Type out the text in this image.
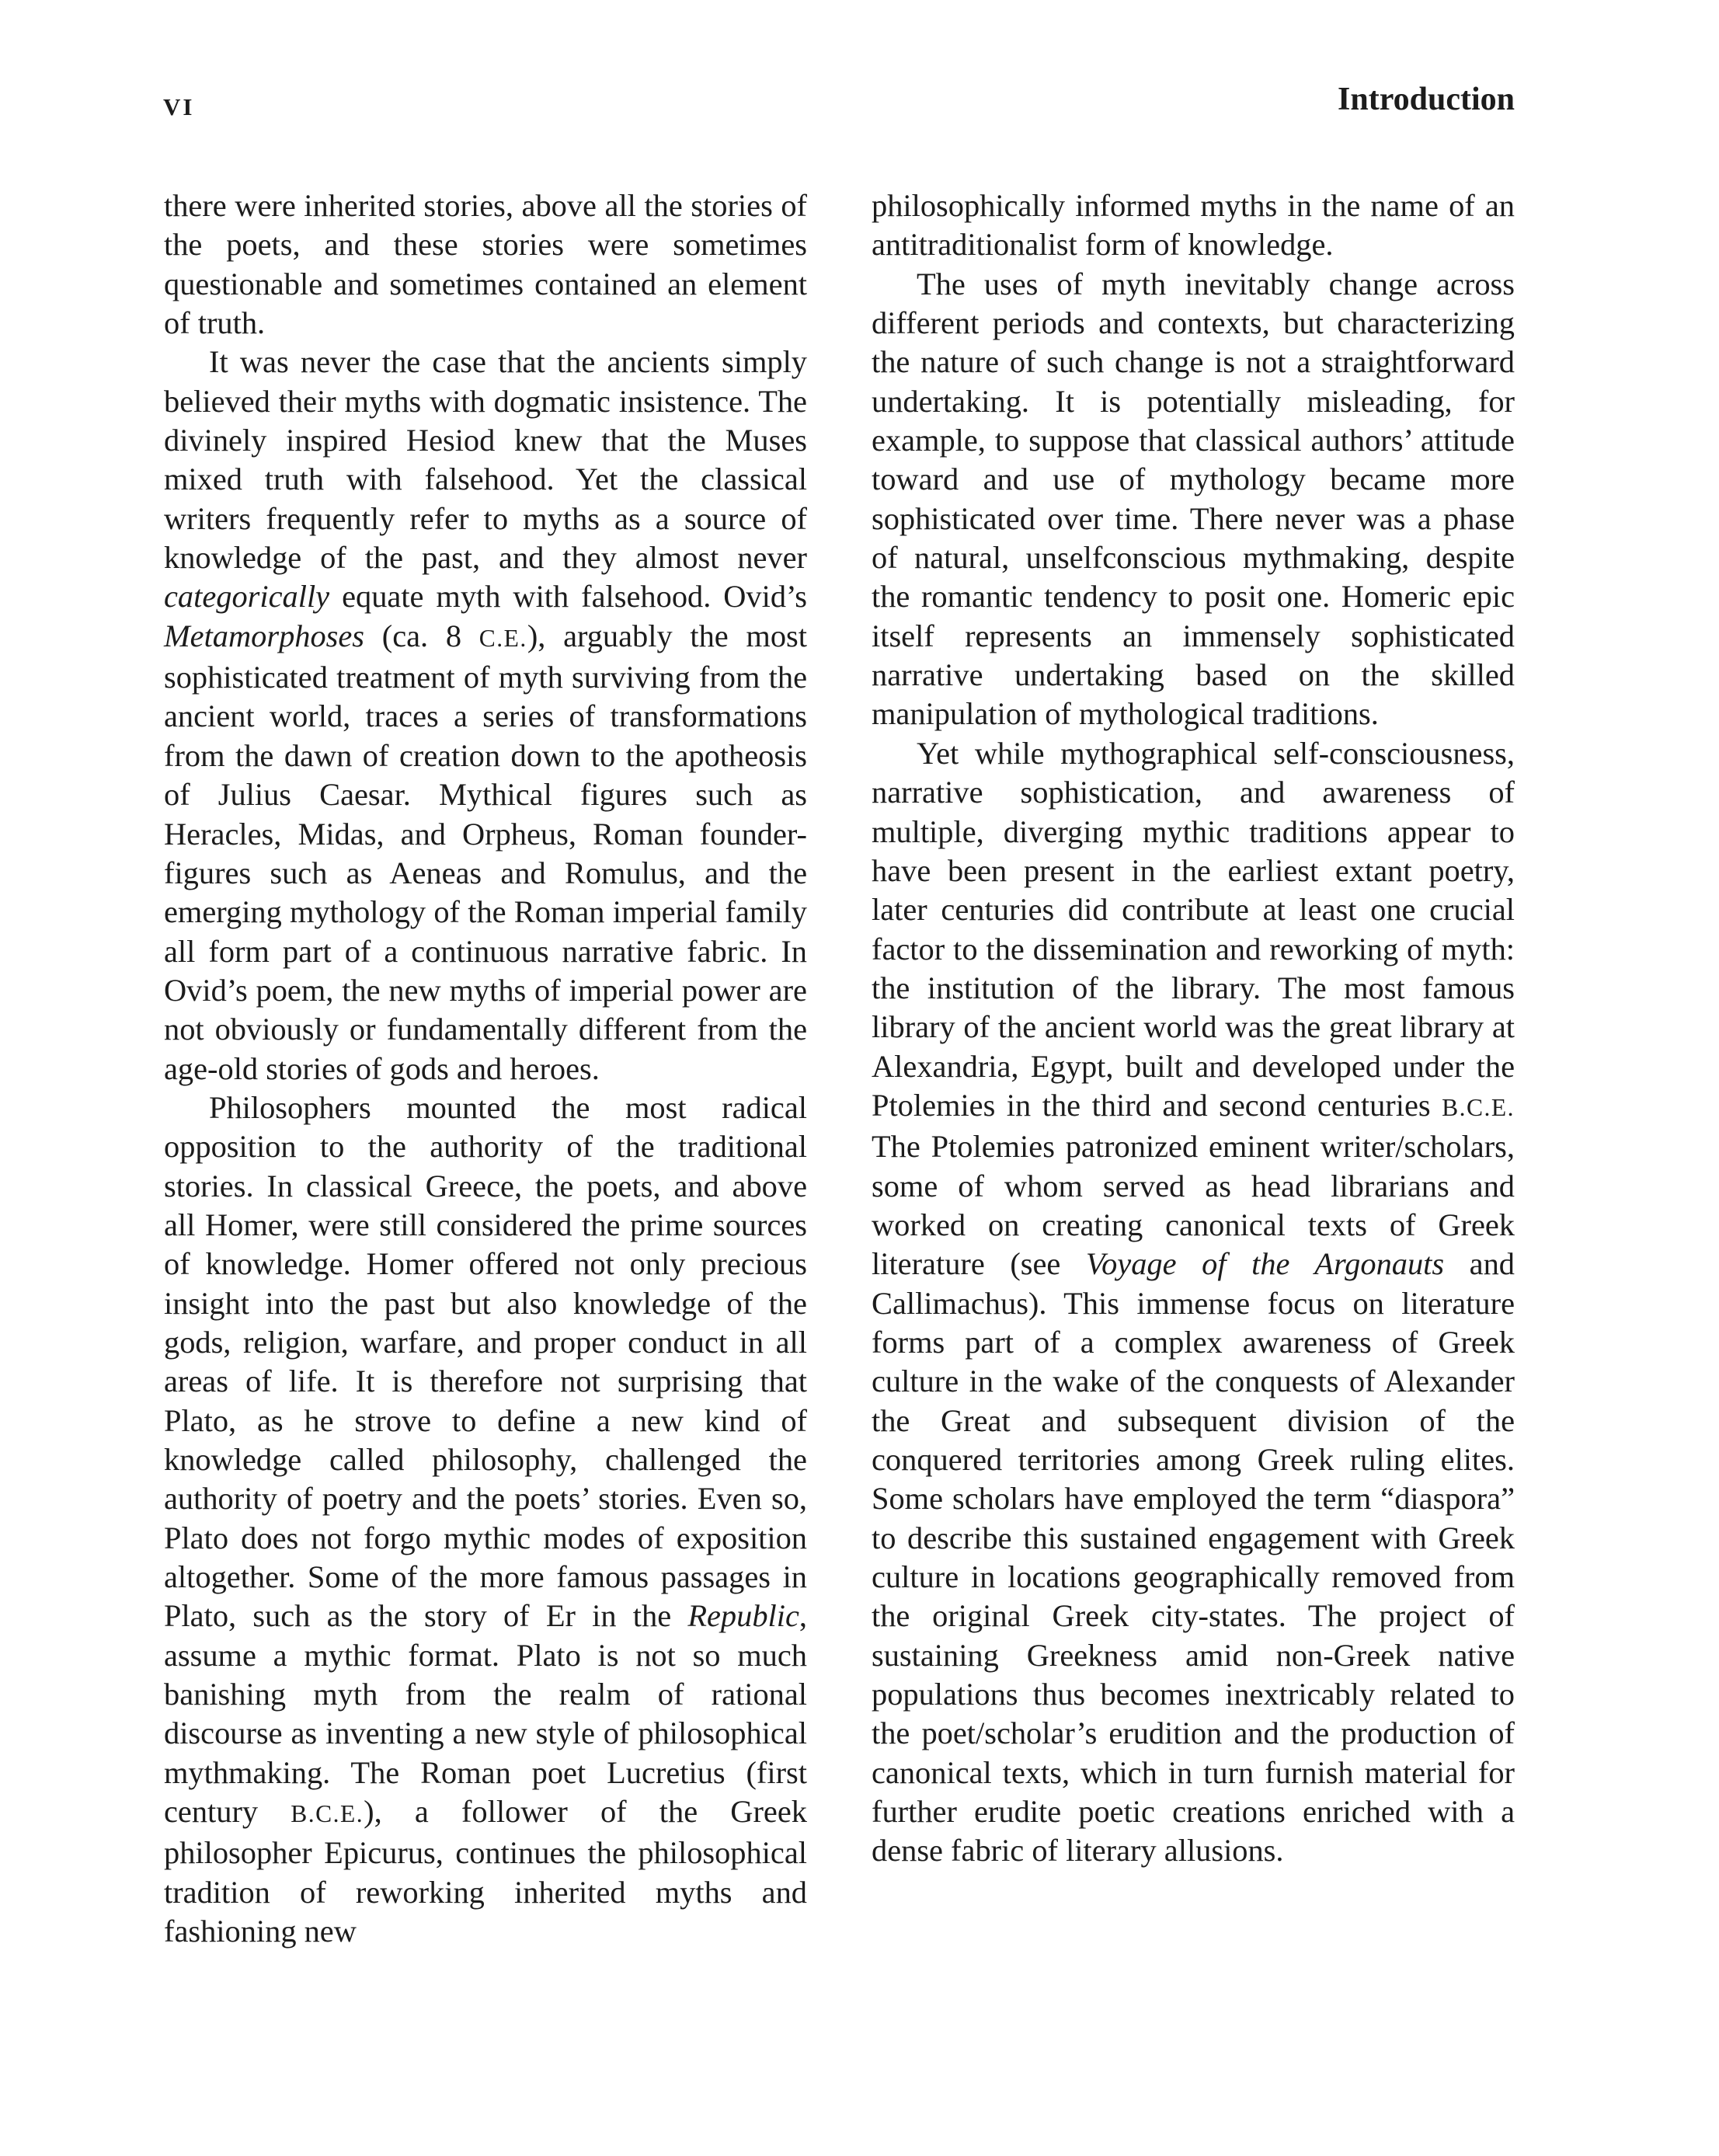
vi	Introduction

there were inherited stories, above all the stories of the poets, and these stories were sometimes questionable and sometimes contained an element of truth.

It was never the case that the ancients simply believed their myths with dogmatic insistence. The divinely inspired Hesiod knew that the Muses mixed truth with falsehood. Yet the classical writers frequently refer to myths as a source of knowledge of the past, and they almost never categorically equate myth with falsehood. Ovid’s Metamorphoses (ca. 8 C.E.), arguably the most sophisticated treatment of myth surviving from the ancient world, traces a series of transformations from the dawn of creation down to the apotheosis of Julius Caesar. Mythical figures such as Heracles, Midas, and Orpheus, Roman founder-figures such as Aeneas and Romulus, and the emerging mythology of the Roman imperial family all form part of a continuous narrative fabric. In Ovid’s poem, the new myths of imperial power are not obviously or fundamentally different from the age-old stories of gods and heroes.

Philosophers mounted the most radical opposition to the authority of the traditional stories. In classical Greece, the poets, and above all Homer, were still considered the prime sources of knowledge. Homer offered not only precious insight into the past but also knowledge of the gods, religion, warfare, and proper conduct in all areas of life. It is therefore not surprising that Plato, as he strove to define a new kind of knowledge called philosophy, challenged the authority of poetry and the poets’ stories. Even so, Plato does not forgo mythic modes of exposition altogether. Some of the more famous passages in Plato, such as the story of Er in the Republic, assume a mythic format. Plato is not so much banishing myth from the realm of rational discourse as inventing a new style of philosophical mythmaking. The Roman poet Lucretius (first century B.C.E.), a follower of the Greek philosopher Epicurus, continues the philosophical tradition of reworking inherited myths and fashioning new

philosophically informed myths in the name of an antitraditionalist form of knowledge.

The uses of myth inevitably change across different periods and contexts, but characterizing the nature of such change is not a straightforward undertaking. It is potentially misleading, for example, to suppose that classical authors’ attitude toward and use of mythology became more sophisticated over time. There never was a phase of natural, unselfconscious mythmaking, despite the romantic tendency to posit one. Homeric epic itself represents an immensely sophisticated narrative undertaking based on the skilled manipulation of mythological traditions.

Yet while mythographical self-consciousness, narrative sophistication, and awareness of multiple, diverging mythic traditions appear to have been present in the earliest extant poetry, later centuries did contribute at least one crucial factor to the dissemination and reworking of myth: the institution of the library. The most famous library of the ancient world was the great library at Alexandria, Egypt, built and developed under the Ptolemies in the third and second centuries B.C.E. The Ptolemies patronized eminent writer/scholars, some of whom served as head librarians and worked on creating canonical texts of Greek literature (see Voyage of the Argonauts and Callimachus). This immense focus on literature forms part of a complex awareness of Greek culture in the wake of the conquests of Alexander the Great and subsequent division of the conquered territories among Greek ruling elites. Some scholars have employed the term “diaspora” to describe this sustained engagement with Greek culture in locations geographically removed from the original Greek city-states. The project of sustaining Greekness amid non-Greek native populations thus becomes inextricably related to the poet/scholar’s erudition and the production of canonical texts, which in turn furnish material for further erudite poetic creations enriched with a dense fabric of literary allusions.
